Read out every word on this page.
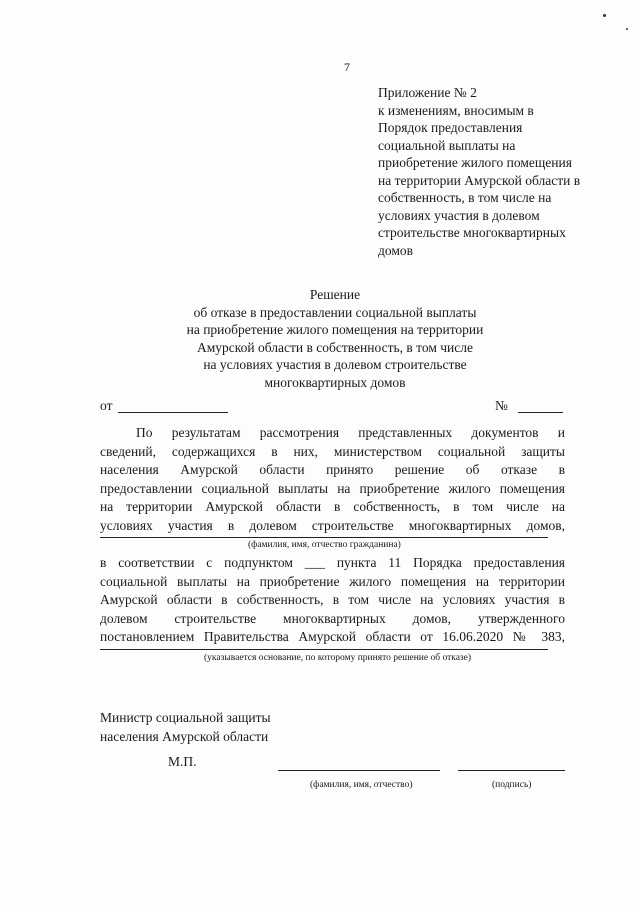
7
Приложение № 2
к изменениям, вносимым в
Порядок предоставления
социальной выплаты на
приобретение жилого помещения
на территории Амурской области в
собственность, в том числе на
условиях участия в долевом
строительстве многоквартирных
домов
Решение
об отказе в предоставлении социальной выплаты
на приобретение жилого помещения на территории
Амурской области в собственность, в том числе
на условиях участия в долевом строительстве
многоквартирных домов
от	№
По результатам рассмотрения представленных документов и
сведений, содержащихся в них, министерством социальной защиты
населения Амурской области принято решение об отказе в
предоставлении социальной выплаты на приобретение жилого помещения
на территории Амурской области в собственность, в том числе на
условиях участия в долевом строительстве многоквартирных домов,
(фамилия, имя, отчество гражданина)
в соответствии с подпунктом ___ пункта 11 Порядка предоставления
социальной выплаты на приобретение жилого помещения на территории
Амурской области в собственность, в том числе на условиях участия в
долевом строительстве многоквартирных домов, утвержденного
постановлением Правительства Амурской области от 16.06.2020 № 383,
(указывается основание, по которому принято решение об отказе)
Министр социальной защиты
населения Амурской области
М.П.
(фамилия, имя, отчество)	(подпись)
